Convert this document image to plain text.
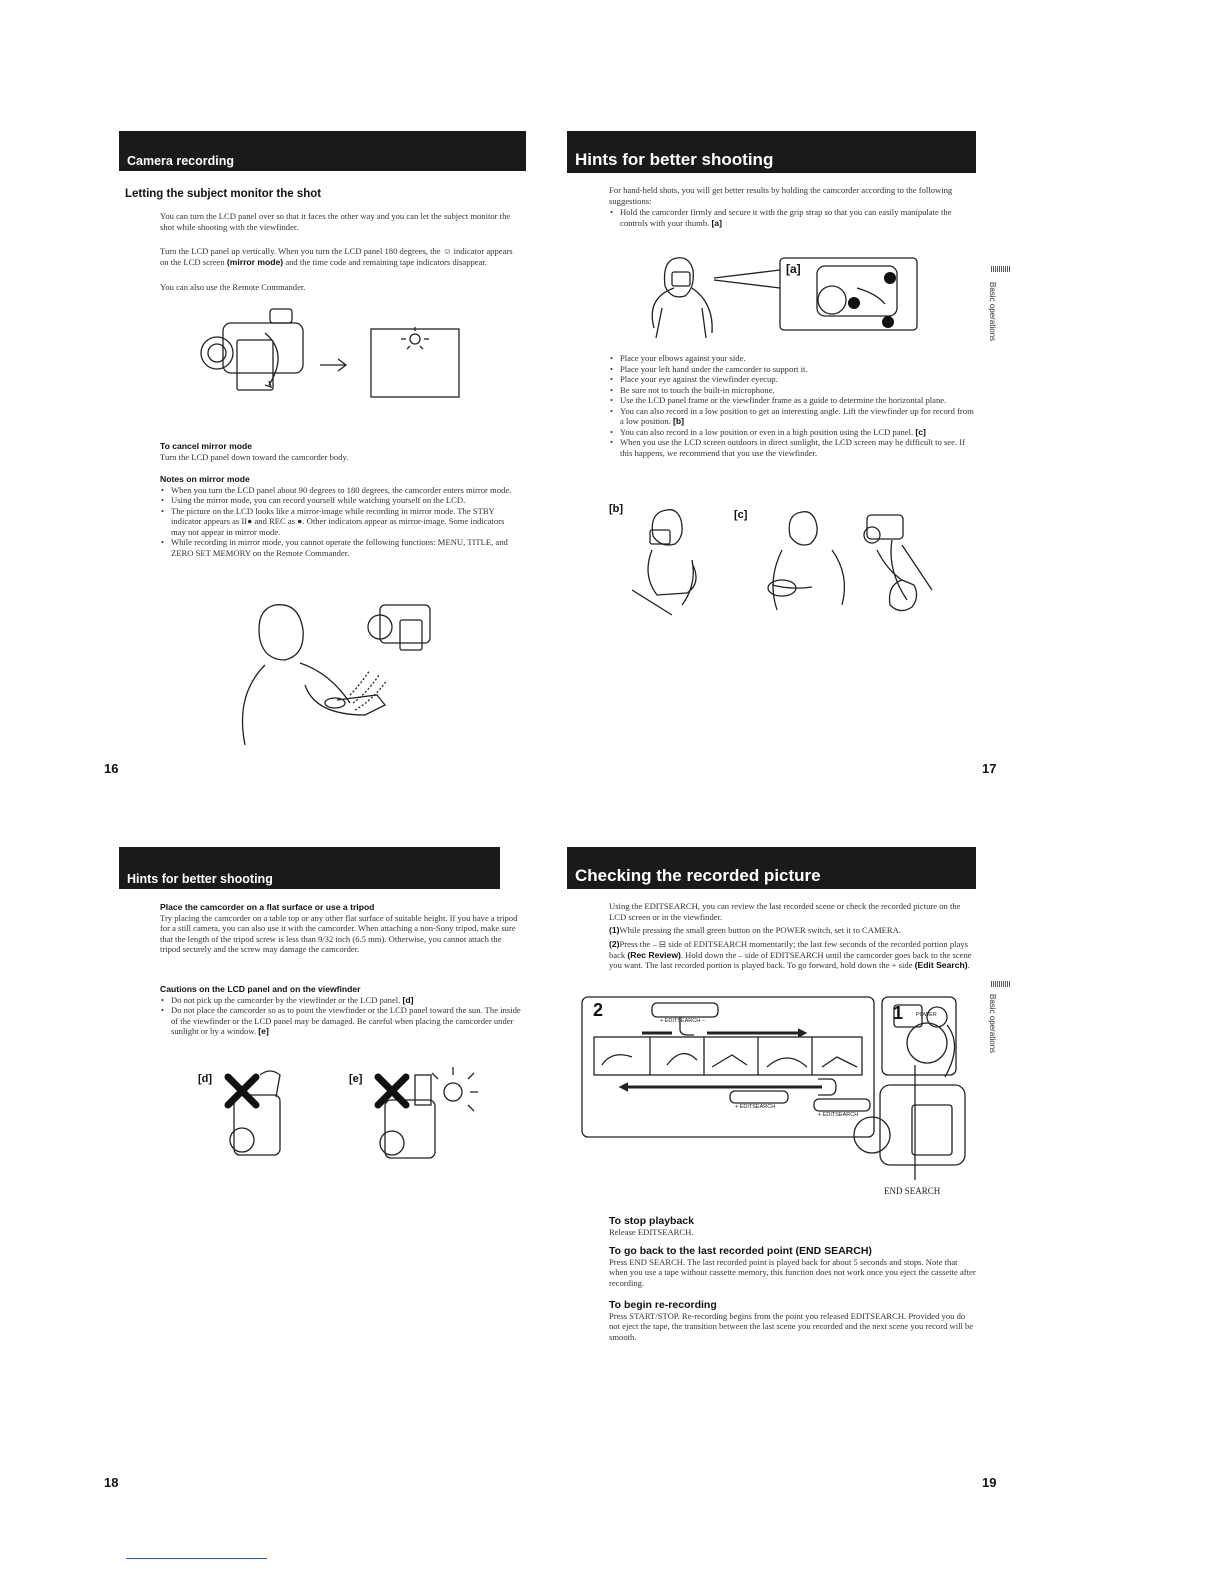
Camera recording
Letting the subject monitor the shot
You can turn the LCD panel over so that it faces the other way and you can let the subject monitor the shot while shooting with the viewfinder.
Turn the LCD panel up vertically. When you turn the LCD panel 180 degrees, the ☺ indicator appears on the LCD screen (mirror mode) and the time code and remaining tape indicators disappear.
You can also use the Remote Commander.
To cancel mirror mode
Turn the LCD panel down toward the camcorder body.
Notes on mirror mode
• When you turn the LCD panel about 90 degrees to 180 degrees, the camcorder enters mirror mode.
• Using the mirror mode, you can record yourself while watching yourself on the LCD.
• The picture on the LCD looks like a mirror-image while recording in mirror mode. The STBY indicator appears as II● and REC as ●. Other indicators appear as mirror-image. Some indicators may not appear in mirror mode.
• While recording in mirror mode, you cannot operate the following functions: MENU, TITLE, and ZERO SET MEMORY on the Remote Commander.
16
Hints for better shooting
For hand-held shots, you will get better results by holding the camcorder according to the following suggestions:
• Hold the camcorder firmly and secure it with the grip strap so that you can easily manipulate the controls with your thumb. [a]
[a]
• Place your elbows against your side.
• Place your left hand under the camcorder to support it.
• Place your eye against the viewfinder eyecup.
• Be sure not to touch the built-in microphone.
• Use the LCD panel frame or the viewfinder frame as a guide to determine the horizontal plane.
• You can also record in a low position to get an interesting angle. Lift the viewfinder up for record from a low position. [b]
• You can also record in a low position or even in a high position using the LCD panel. [c]
• When you use the LCD screen outdoors in direct sunlight, the LCD screen may be difficult to see. If this happens, we recommend that you use the viewfinder.
[b]	[c]
Basic operations
17
Hints for better shooting
Place the camcorder on a flat surface or use a tripod
Try placing the camcorder on a table top or any other flat surface of suitable height. If you have a tripod for a still camera, you can also use it with the camcorder. When attaching a non-Sony tripod, make sure that the length of the tripod screw is less than 9/32 inch (6.5 mm). Otherwise, you cannot attach the tripod securely and the screw may damage the camcorder.
Cautions on the LCD panel and on the viewfinder
• Do not pick up the camcorder by the viewfinder or the LCD panel. [d]
• Do not place the camcorder so as to point the viewfinder or the LCD panel toward the sun. The inside of the viewfinder or the LCD panel may be damaged. Be careful when placing the camcorder under sunlight or by a window. [e]
[d]	[e]
18
Checking the recorded picture
Using the EDITSEARCH, you can review the last recorded scene or check the recorded picture on the LCD screen or in the viewfinder.
(1)While pressing the small green button on the POWER switch, set it to CAMERA.
(2)Press the – ⊟ side of EDITSEARCH momentarily; the last few seconds of the recorded portion plays back (Rec Review). Hold down the – side of EDITSEARCH until the camcorder goes back to the scene you want. The last recorded portion is played back. To go forward, hold down the + side (Edit Search).
2	1
+ EDITSEARCH –
+ EDITSEARCH
+ EDITSEARCH
POWER
END SEARCH
To stop playback
Release EDITSEARCH.
To go back to the last recorded point (END SEARCH)
Press END SEARCH. The last recorded point is played back for about 5 seconds and stops. Note that when you use a tape without cassette memory, this function does not work once you eject the cassette after recording.
To begin re-recording
Press START/STOP. Re-recording begins from the point you released EDITSEARCH. Provided you do not eject the tape, the transition between the last scene you recorded and the next scene you record will be smooth.
Basic operations
19
